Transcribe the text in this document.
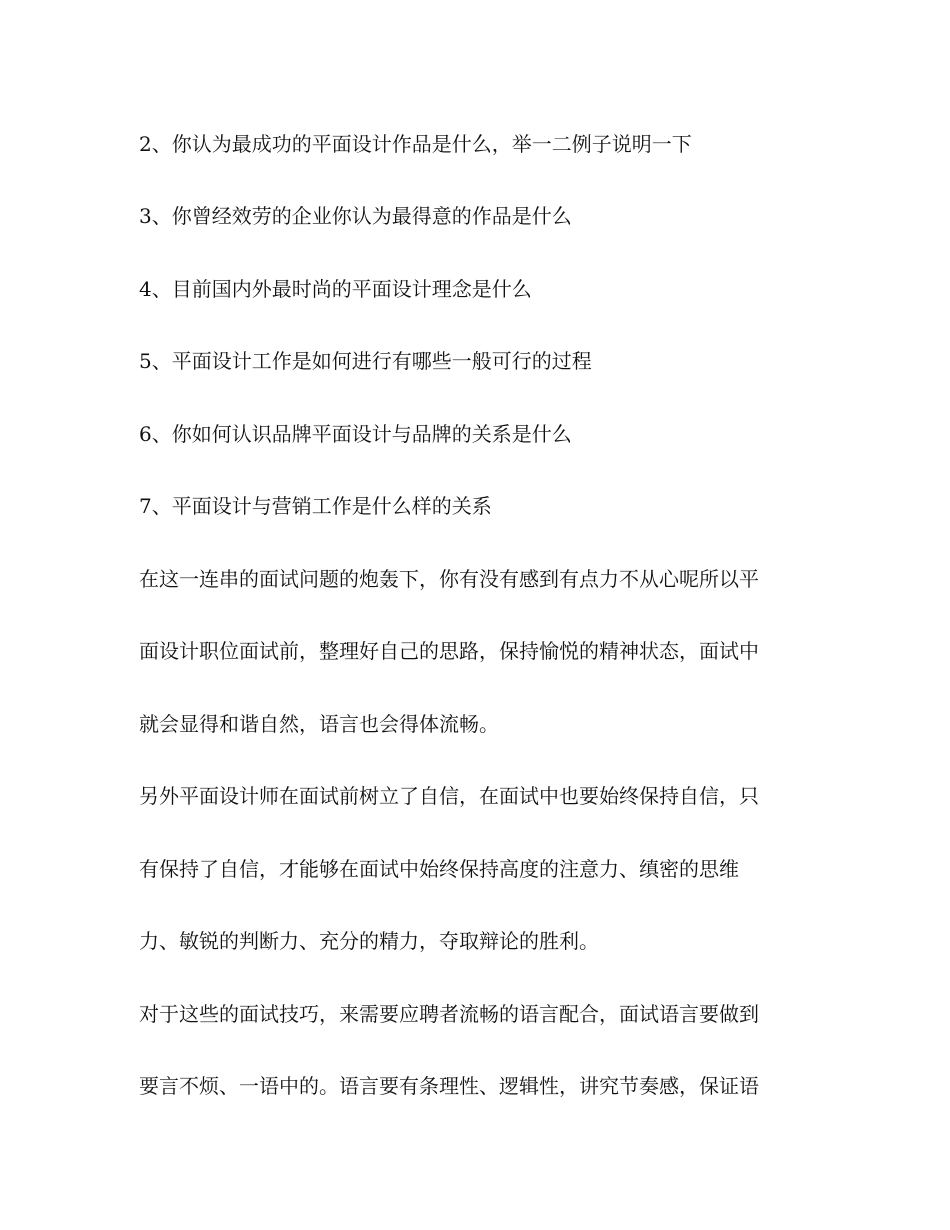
2、你认为最成功的平面设计作品是什么，举一二例子说明一下
3、你曾经效劳的企业你认为最得意的作品是什么
4、目前国内外最时尚的平面设计理念是什么
5、平面设计工作是如何进行有哪些一般可行的过程
6、你如何认识品牌平面设计与品牌的关系是什么
7、平面设计与营销工作是什么样的关系
在这一连串的面试问题的炮轰下，你有没有感到有点力不从心呢所以平
面设计职位面试前，整理好自己的思路，保持愉悦的精神状态，面试中
就会显得和谐自然，语言也会得体流畅。
另外平面设计师在面试前树立了自信，在面试中也要始终保持自信，只
有保持了自信，才能够在面试中始终保持高度的注意力、缜密的思维
力、敏锐的判断力、充分的精力，夺取辩论的胜利。
对于这些的面试技巧，来需要应聘者流畅的语言配合，面试语言要做到
要言不烦、一语中的。语言要有条理性、逻辑性，讲究节奏感，保证语
